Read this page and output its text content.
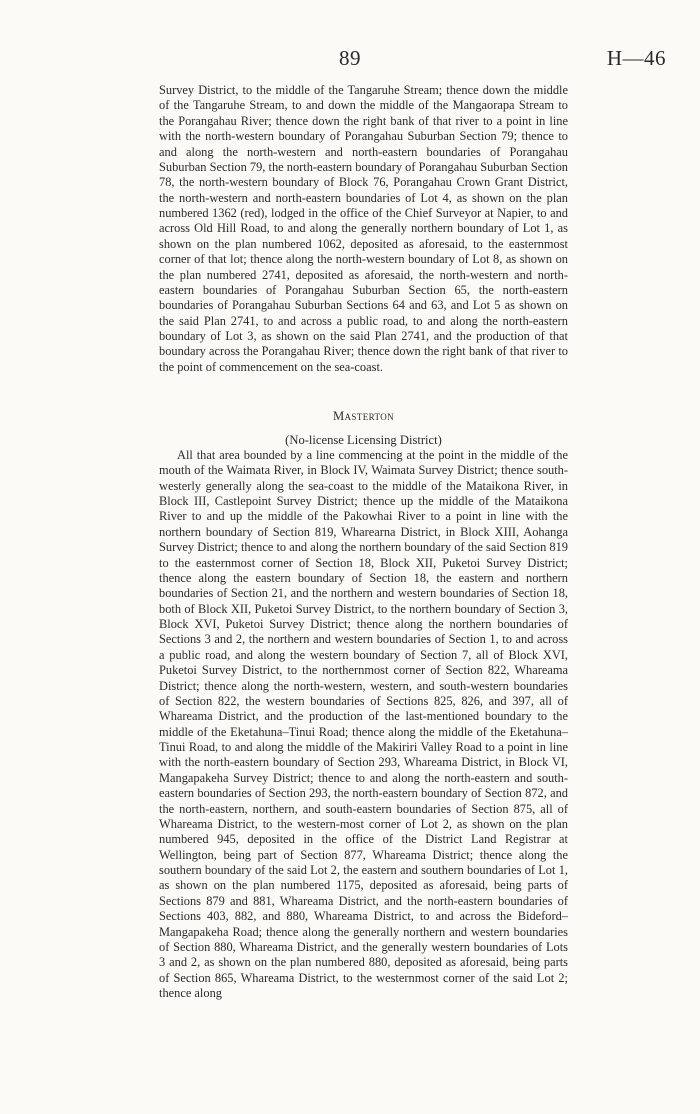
89	H—46

Survey District, to the middle of the Tangaruhe Stream; thence down the middle of the Tangaruhe Stream, to and down the middle of the Mangaorapa Stream to the Porangahau River; thence down the right bank of that river to a point in line with the north-western boundary of Porangahau Suburban Section 79; thence to and along the north-western and north-eastern boundaries of Porangahau Suburban Section 79, the north-eastern boundary of Porangahau Suburban Section 78, the north-western boundary of Block 76, Porangahau Crown Grant District, the north-western and north-eastern boundaries of Lot 4, as shown on the plan numbered 1362 (red), lodged in the office of the Chief Surveyor at Napier, to and across Old Hill Road, to and along the generally northern boundary of Lot 1, as shown on the plan numbered 1062, deposited as aforesaid, to the easternmost corner of that lot; thence along the north-western boundary of Lot 8, as shown on the plan numbered 2741, deposited as aforesaid, the north-western and north-eastern boundaries of Porangahau Suburban Section 65, the north-eastern boundaries of Porangahau Suburban Sections 64 and 63, and Lot 5 as shown on the said Plan 2741, to and across a public road, to and along the north-eastern boundary of Lot 3, as shown on the said Plan 2741, and the production of that boundary across the Porangahau River; thence down the right bank of that river to the point of commencement on the sea-coast.

Masterton

(No-license Licensing District)

All that area bounded by a line commencing at the point in the middle of the mouth of the Waimata River, in Block IV, Waimata Survey District; thence south-westerly generally along the sea-coast to the middle of the Mataikona River, in Block III, Castlepoint Survey District; thence up the middle of the Mataikona River to and up the middle of the Pakowhai River to a point in line with the northern boundary of Section 819, Wharearna District, in Block XIII, Aohanga Survey District; thence to and along the northern boundary of the said Section 819 to the easternmost corner of Section 18, Block XII, Puketoi Survey District; thence along the eastern boundary of Section 18, the eastern and northern boundaries of Section 21, and the northern and western boundaries of Section 18, both of Block XII, Puketoi Survey District, to the northern boundary of Section 3, Block XVI, Puketoi Survey District; thence along the northern boundaries of Sections 3 and 2, the northern and western boundaries of Section 1, to and across a public road, and along the western boundary of Section 7, all of Block XVI, Puketoi Survey District, to the northernmost corner of Section 822, Whareama District; thence along the north-western, western, and south-western boundaries of Section 822, the western boundaries of Sections 825, 826, and 397, all of Whareama District, and the production of the last-mentioned boundary to the middle of the Eketahuna–Tinui Road; thence along the middle of the Eketahuna–Tinui Road, to and along the middle of the Makiriri Valley Road to a point in line with the north-eastern boundary of Section 293, Whareama District, in Block VI, Mangapakeha Survey District; thence to and along the north-eastern and south-eastern boundaries of Section 293, the north-eastern boundary of Section 872, and the north-eastern, northern, and south-eastern boundaries of Section 875, all of Whareama District, to the western-most corner of Lot 2, as shown on the plan numbered 945, deposited in the office of the District Land Registrar at Wellington, being part of Section 877, Whareama District; thence along the southern boundary of the said Lot 2, the eastern and southern boundaries of Lot 1, as shown on the plan numbered 1175, deposited as aforesaid, being parts of Sections 879 and 881, Whareama District, and the north-eastern boundaries of Sections 403, 882, and 880, Whareama District, to and across the Bideford–Mangapakeha Road; thence along the generally northern and western boundaries of Section 880, Whareama District, and the generally western boundaries of Lots 3 and 2, as shown on the plan numbered 880, deposited as aforesaid, being parts of Section 865, Whareama District, to the westernmost corner of the said Lot 2; thence along
